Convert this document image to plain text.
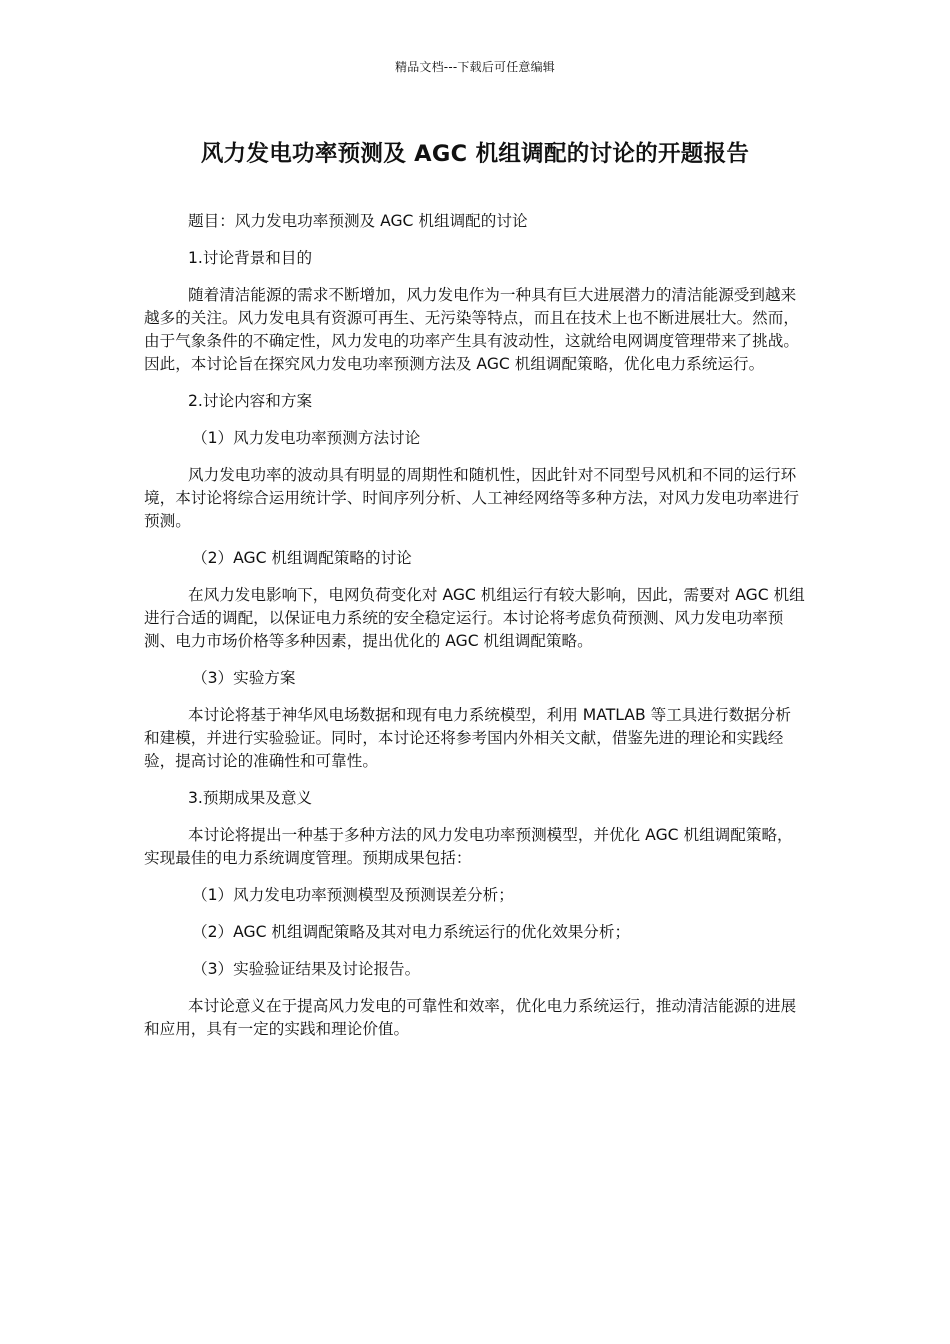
精品文档---下载后可任意编辑
风力发电功率预测及 AGC 机组调配的讨论的开题报告

题目：风力发电功率预测及 AGC 机组调配的讨论

1.讨论背景和目的

随着清洁能源的需求不断增加，风力发电作为一种具有巨大进展潜力的清洁能源受到越来越多的关注。风力发电具有资源可再生、无污染等特点，而且在技术上也不断进展壮大。然而，由于气象条件的不确定性，风力发电的功率产生具有波动性，这就给电网调度管理带来了挑战。因此，本讨论旨在探究风力发电功率预测方法及 AGC 机组调配策略，优化电力系统运行。

2.讨论内容和方案

（1）风力发电功率预测方法讨论

风力发电功率的波动具有明显的周期性和随机性，因此针对不同型号风机和不同的运行环境，本讨论将综合运用统计学、时间序列分析、人工神经网络等多种方法，对风力发电功率进行预测。

（2）AGC 机组调配策略的讨论

在风力发电影响下，电网负荷变化对 AGC 机组运行有较大影响，因此，需要对 AGC 机组进行合适的调配，以保证电力系统的安全稳定运行。本讨论将考虑负荷预测、风力发电功率预测、电力市场价格等多种因素，提出优化的 AGC 机组调配策略。

（3）实验方案

本讨论将基于神华风电场数据和现有电力系统模型，利用 MATLAB 等工具进行数据分析和建模，并进行实验验证。同时，本讨论还将参考国内外相关文献，借鉴先进的理论和实践经验，提高讨论的准确性和可靠性。

3.预期成果及意义

本讨论将提出一种基于多种方法的风力发电功率预测模型，并优化 AGC 机组调配策略，实现最佳的电力系统调度管理。预期成果包括：

（1）风力发电功率预测模型及预测误差分析；

（2）AGC 机组调配策略及其对电力系统运行的优化效果分析；

（3）实验验证结果及讨论报告。

本讨论意义在于提高风力发电的可靠性和效率，优化电力系统运行，推动清洁能源的进展和应用，具有一定的实践和理论价值。
